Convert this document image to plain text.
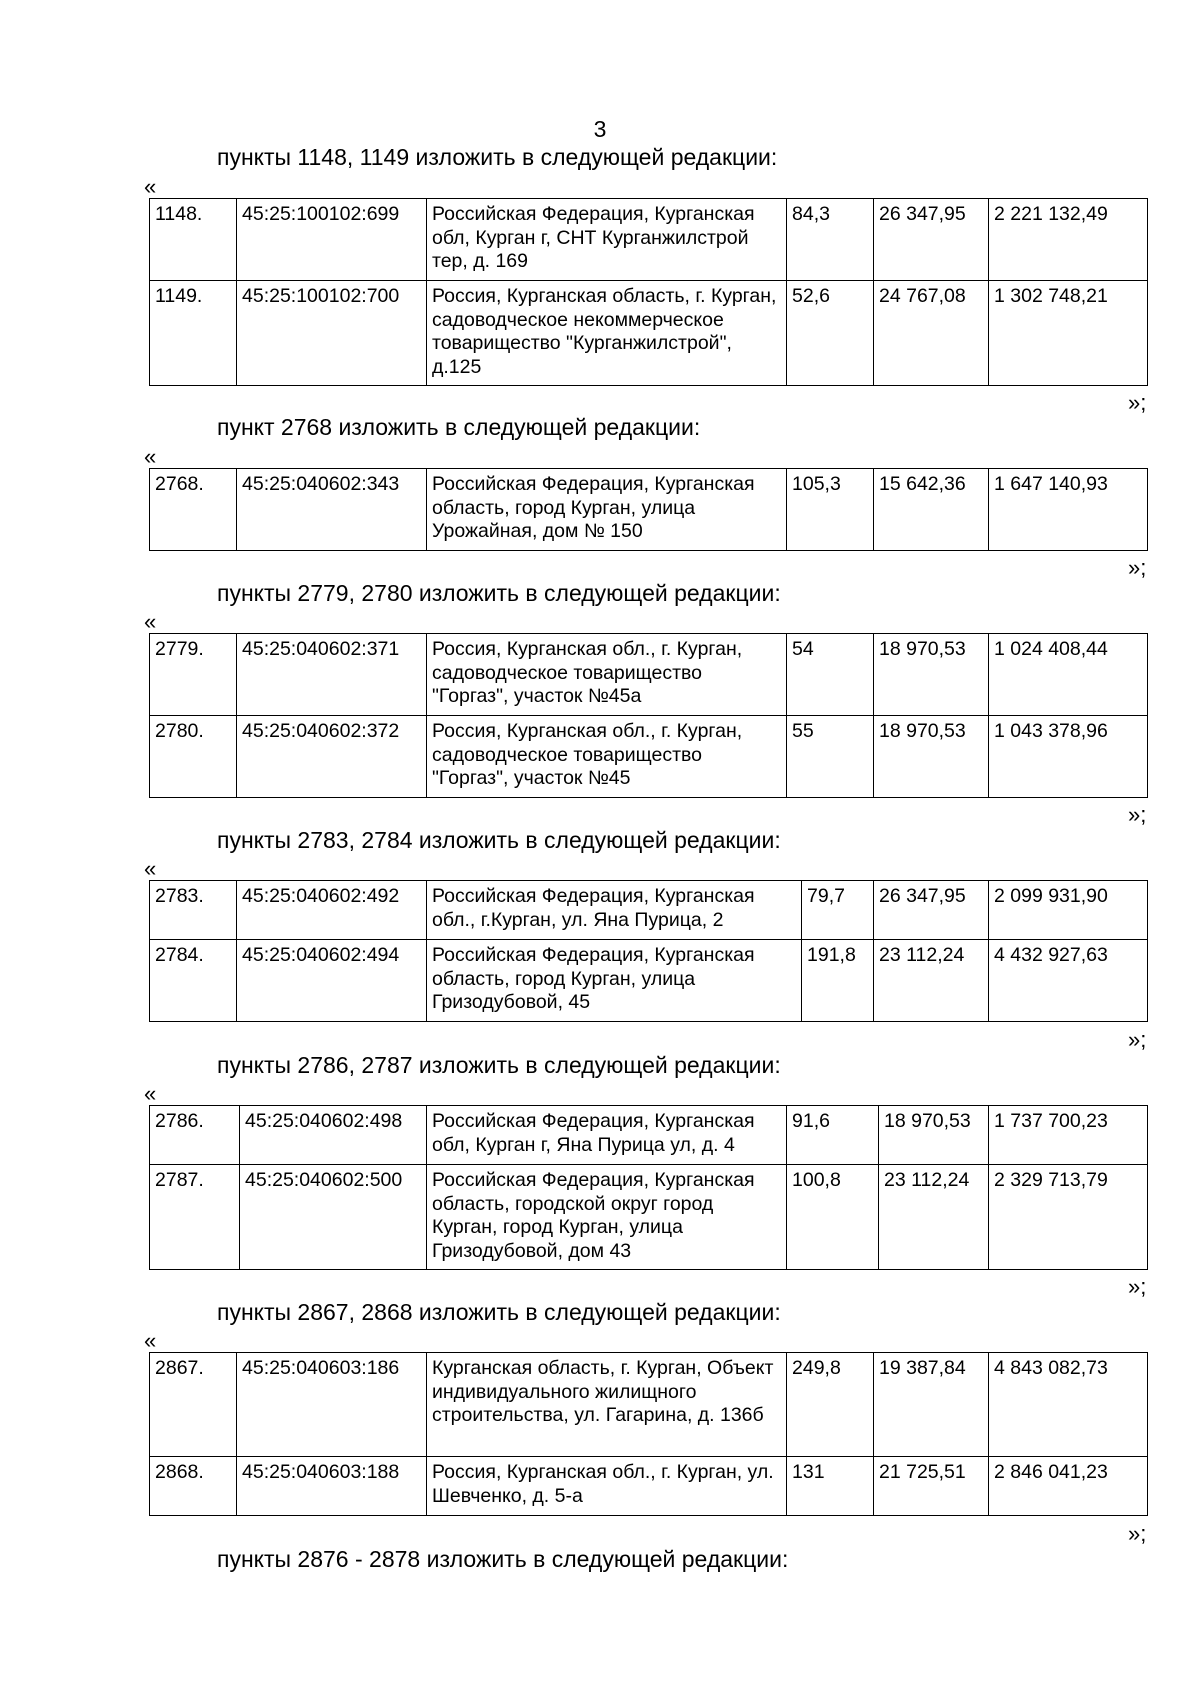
3
пункты 1148, 1149 изложить в следующей редакции:
«
1148.	45:25:100102:699	Российская Федерация, Курганская обл, Курган г, СНТ Курганжилстрой тер, д. 169	84,3	26 347,95	2 221 132,49
1149.	45:25:100102:700	Россия, Курганская область, г. Курган, садоводческое некоммерческое товарищество "Курганжилстрой", д.125	52,6	24 767,08	1 302 748,21
»;
пункт 2768 изложить в следующей редакции:
«
2768.	45:25:040602:343	Российская Федерация, Курганская область, город Курган, улица Урожайная, дом № 150	105,3	15 642,36	1 647 140,93
»;
пункты 2779, 2780 изложить в следующей редакции:
«
2779.	45:25:040602:371	Россия, Курганская обл., г. Курган, садоводческое товарищество "Горгаз", участок №45а	54	18 970,53	1 024 408,44
2780.	45:25:040602:372	Россия, Курганская обл., г. Курган, садоводческое товарищество "Горгаз", участок №45	55	18 970,53	1 043 378,96
»;
пункты 2783, 2784 изложить в следующей редакции:
«
2783.	45:25:040602:492	Российская Федерация, Курганская обл., г.Курган, ул. Яна Пурица, 2	79,7	26 347,95	2 099 931,90
2784.	45:25:040602:494	Российская Федерация, Курганская область, город Курган, улица Гризодубовой, 45	191,8	23 112,24	4 432 927,63
»;
пункты 2786, 2787 изложить в следующей редакции:
«
2786.	45:25:040602:498	Российская Федерация, Курганская обл, Курган г, Яна Пурица ул, д. 4	91,6	18 970,53	1 737 700,23
2787.	45:25:040602:500	Российская Федерация, Курганская область, городской округ город Курган, город Курган, улица Гризодубовой, дом 43	100,8	23 112,24	2 329 713,79
»;
пункты 2867, 2868 изложить в следующей редакции:
«
2867.	45:25:040603:186	Курганская область, г. Курган, Объект индивидуального жилищного строительства, ул. Гагарина, д. 136б	249,8	19 387,84	4 843 082,73
2868.	45:25:040603:188	Россия, Курганская обл., г. Курган, ул. Шевченко, д. 5-а	131	21 725,51	2 846 041,23
»;
пункты 2876 - 2878 изложить в следующей редакции:
